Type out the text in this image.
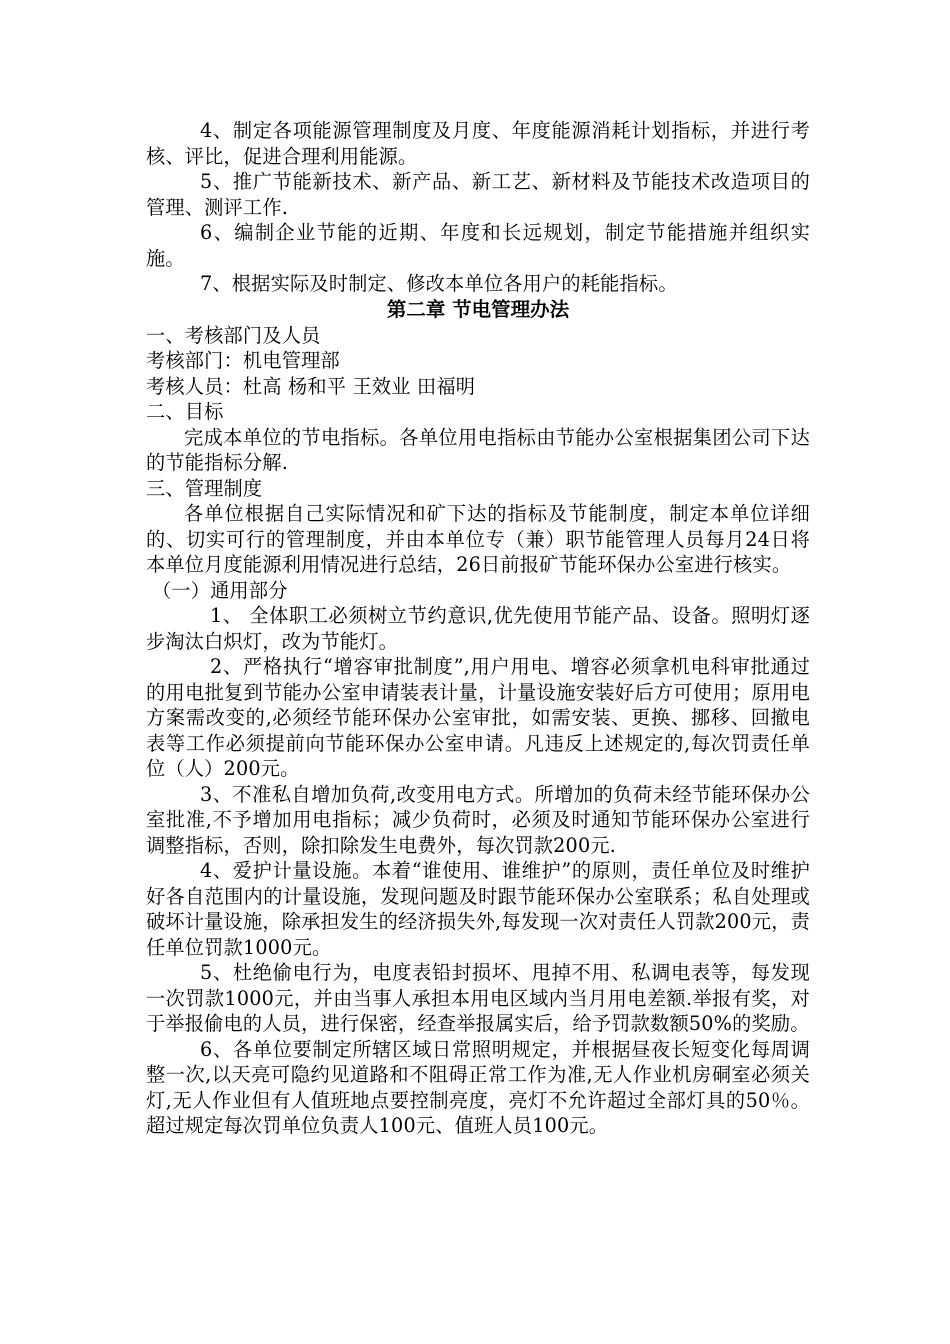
4、制定各项能源管理制度及月度、年度能源消耗计划指标，并进行考核、评比，促进合理利用能源。

5、推广节能新技术、新产品、新工艺、新材料及节能技术改造项目的管理、测评工作.

6、编制企业节能的近期、年度和长远规划，制定节能措施并组织实施。

7、根据实际及时制定、修改本单位各用户的耗能指标。

第二章 节电管理办法

一、考核部门及人员

考核部门：机电管理部

考核人员：杜高 杨和平 王效业 田福明

二、目标

完成本单位的节电指标。各单位用电指标由节能办公室根据集团公司下达的节能指标分解.

三、管理制度

各单位根据自己实际情况和矿下达的指标及节能制度，制定本单位详细的、切实可行的管理制度，并由本单位专（兼）职节能管理人员每月24日将本单位月度能源利用情况进行总结，26日前报矿节能环保办公室进行核实。

（一）通用部分

1、 全体职工必须树立节约意识,优先使用节能产品、设备。照明灯逐步淘汰白炽灯，改为节能灯。

2、严格执行“增容审批制度”,用户用电、增容必须拿机电科审批通过的用电批复到节能办公室申请装表计量，计量设施安装好后方可使用；原用电方案需改变的,必须经节能环保办公室审批，如需安装、更换、挪移、回撤电表等工作必须提前向节能环保办公室申请。凡违反上述规定的,每次罚责任单位（人）200元。

3、不准私自增加负荷,改变用电方式。所增加的负荷未经节能环保办公室批准,不予增加用电指标；减少负荷时，必须及时通知节能环保办公室进行调整指标，否则，除扣除发生电费外，每次罚款200元.

4、爱护计量设施。本着“谁使用、谁维护”的原则，责任单位及时维护好各自范围内的计量设施，发现问题及时跟节能环保办公室联系；私自处理或破坏计量设施，除承担发生的经济损失外,每发现一次对责任人罚款200元，责任单位罚款1000元。

5、杜绝偷电行为，电度表铅封损坏、甩掉不用、私调电表等，每发现一次罚款1000元，并由当事人承担本用电区域内当月用电差额.举报有奖，对于举报偷电的人员，进行保密，经查举报属实后，给予罚款数额50%的奖励。

6、各单位要制定所辖区域日常照明规定，并根据昼夜长短变化每周调整一次,以天亮可隐约见道路和不阻碍正常工作为准,无人作业机房硐室必须关灯,无人作业但有人值班地点要控制亮度，亮灯不允许超过全部灯具的50％。超过规定每次罚单位负责人100元、值班人员100元。
